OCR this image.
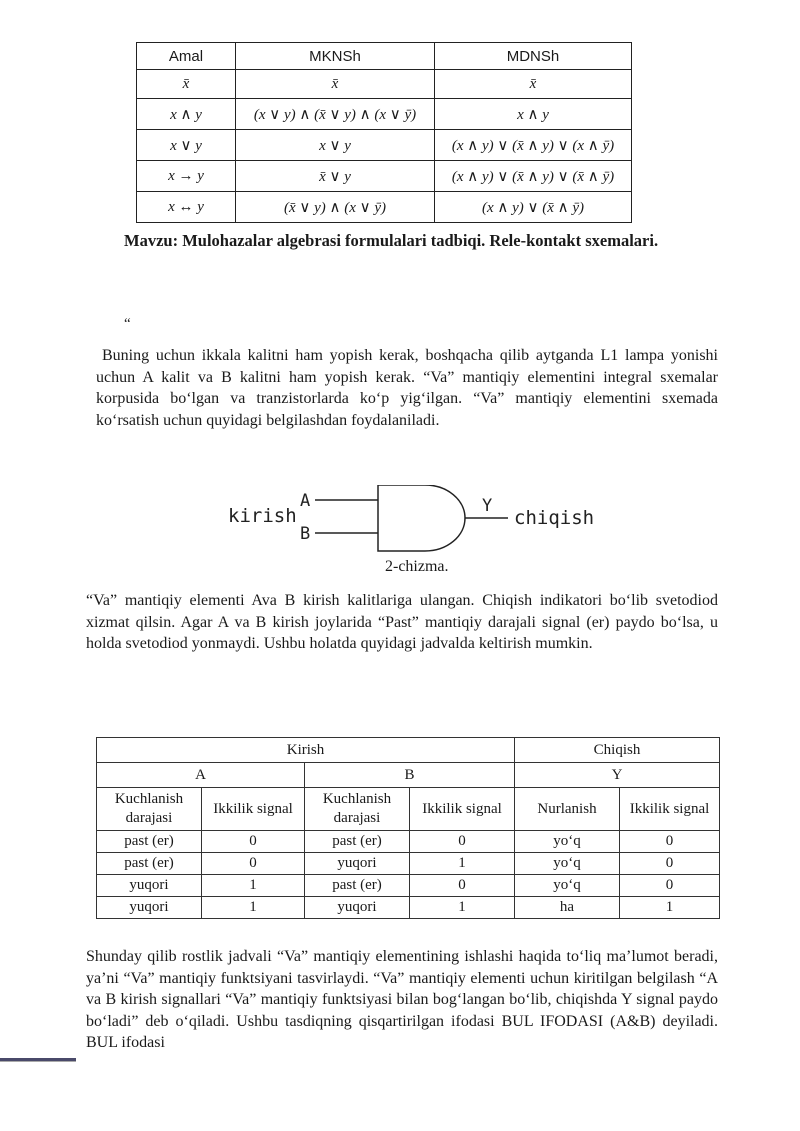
Amal	MKNSh	MDNSh
x̄	x̄	x̄
x ∧ y	(x ∨ y) ∧ (x̄ ∨ y) ∧ (x ∨ ȳ)	x ∧ y
x ∨ y	x ∨ y	(x ∧ y) ∨ (x̄ ∧ y) ∨ (x ∧ ȳ)
x → y	x̄ ∨ y	(x ∧ y) ∨ (x̄ ∧ y) ∨ (x̄ ∧ ȳ)
x ↔ y	(x̄ ∨ y) ∧ (x ∨ ȳ)	(x ∧ y) ∨ (x̄ ∧ ȳ)

Mavzu: Mulohazalar algebrasi formulalari tadbiqi. Rele-kontakt sxemalari.

“

Buning uchun ikkala kalitni ham yopish kerak, boshqacha qilib aytganda L1 lampa yonishi uchun A kalit va B kalitni ham yopish kerak. “Va” mantiqiy elementini integral sxemalar korpusida bo‘lgan va tranzistorlarda ko‘p yig‘ilgan. “Va” mantiqiy elementini sxemada ko‘rsatish uchun quyidagi belgilashdan foydalaniladi.

kirish
A
B
Y
chiqish

2-chizma.

“Va” mantiqiy elementi Ava B kirish kalitlariga ulangan. Chiqish indikatori bo‘lib svetodiod xizmat qilsin. Agar A va B kirish joylarida “Past” mantiqiy darajali signal (er) paydo bo‘lsa, u holda svetodiod yonmaydi. Ushbu holatda quyidagi jadvalda keltirish mumkin.

Kirish				Chiqish	
A		B		Y	
Kuchlanish darajasi	Ikkilik signal	Kuchlanish darajasi	Ikkilik signal	Nurlanish	Ikkilik signal
past (er)	0	past (er)	0	yo‘q	0
past (er)	0	yuqori	1	yo‘q	0
yuqori	1	past (er)	0	yo‘q	0
yuqori	1	yuqori	1	ha	1

Shunday qilib rostlik jadvali “Va” mantiqiy elementining ishlashi haqida to‘liq ma’lumot beradi, ya’ni “Va” mantiqiy funktsiyani tasvirlaydi. “Va” mantiqiy elementi uchun kiritilgan belgilash “A va B kirish signallari “Va” mantiqiy funktsiyasi bilan bog‘langan bo‘lib, chiqishda Y signal paydo bo‘ladi” deb o‘qiladi. Ushbu tasdiqning qisqartirilgan ifodasi BUL IFODASI (A&B) deyiladi. BUL ifodasi
